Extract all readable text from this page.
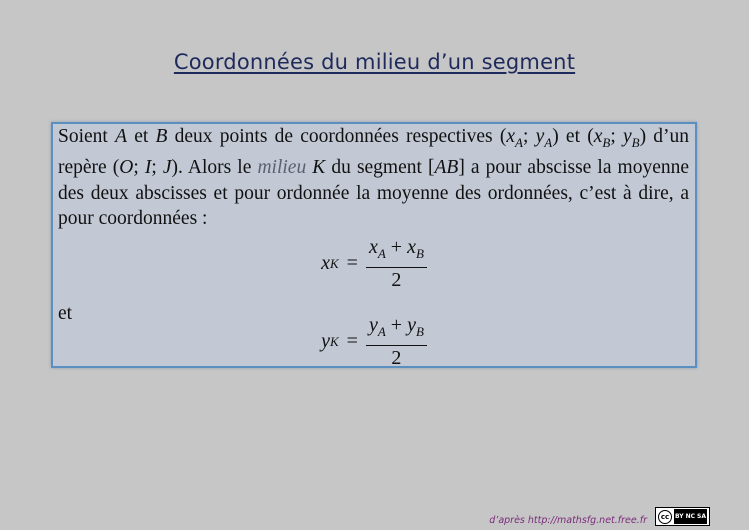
Coordonnées du milieu d’un segment

Soient A et B deux points de coordonnées respectives ($x_A$; $y_A$) et ($x_B$; $y_B$) d’un repère (O; I; J). Alors le milieu K du segment [AB] a pour abscisse la moyenne des deux abscisses et pour ordonnée la moyenne des ordonnées, c’est à dire, a pour coordonnées :

x $K = \frac{x_A + x_B}{2}$
et
y $K = \frac{y_A + y_B}{2}$
d’après http://mathsfg.net.free.fr	cc BY NC SA
